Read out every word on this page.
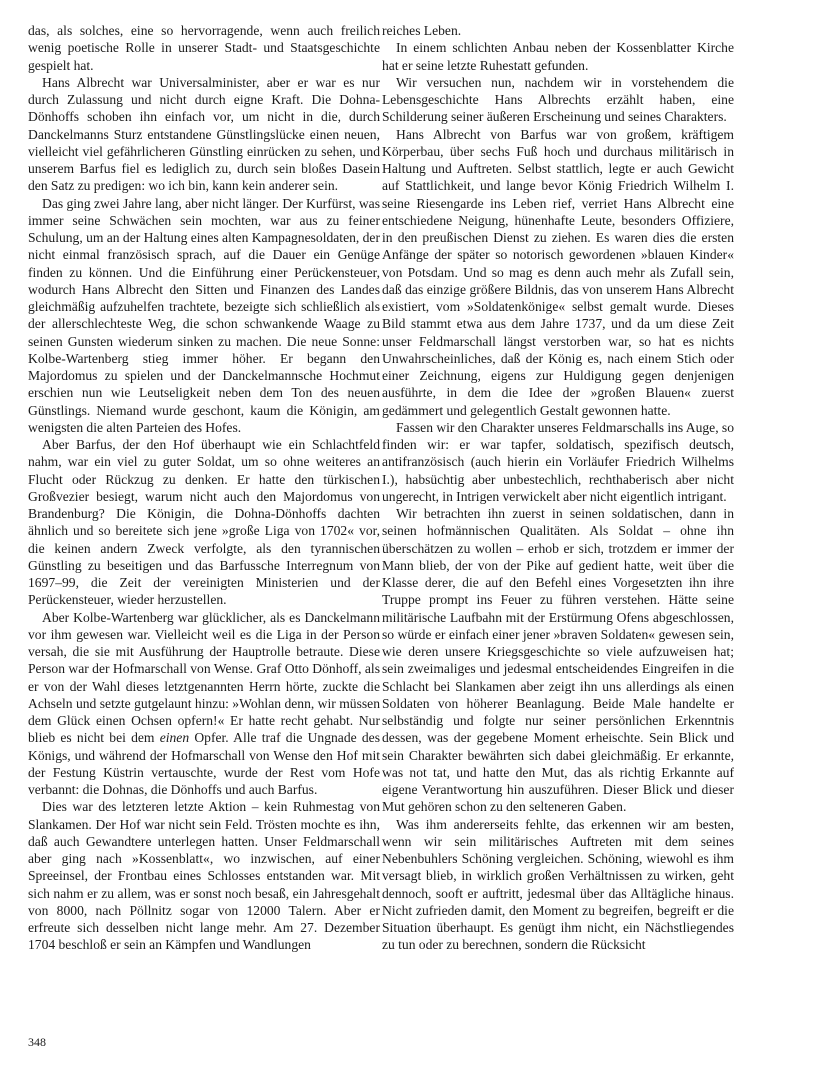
das, als solches, eine so hervorragende, wenn auch freilich wenig poetische Rolle in unserer Stadt- und Staatsgeschichte gespielt hat.

Hans Albrecht war Universalminister, aber er war es nur durch Zulassung und nicht durch eigne Kraft. Die Dohna-Dönhoffs schoben ihn einfach vor, um nicht in die, durch Danckelmanns Sturz entstandene Günstlingslücke einen neuen, vielleicht viel gefährlicheren Günstling einrücken zu sehen, und unserem Barfus fiel es lediglich zu, durch sein bloßes Dasein den Satz zu predigen: wo ich bin, kann kein anderer sein.

Das ging zwei Jahre lang, aber nicht länger. Der Kurfürst, was immer seine Schwächen sein mochten, war aus zu feiner Schulung, um an der Haltung eines alten Kampagnesoldaten, der nicht einmal französisch sprach, auf die Dauer ein Genüge finden zu können. Und die Einführung einer Perückensteuer, wodurch Hans Albrecht den Sitten und Finanzen des Landes gleichmäßig aufzuhelfen trachtete, bezeigte sich schließlich als der allerschlechteste Weg, die schon schwankende Waage zu seinen Gunsten wiederum sinken zu machen. Die neue Sonne: Kolbe-Wartenberg stieg immer höher. Er begann den Majordomus zu spielen und der Danckelmannsche Hochmut erschien nun wie Leutseligkeit neben dem Ton des neuen Günstlings. Niemand wurde geschont, kaum die Königin, am wenigsten die alten Parteien des Hofes.

Aber Barfus, der den Hof überhaupt wie ein Schlachtfeld nahm, war ein viel zu guter Soldat, um so ohne weiteres an Flucht oder Rückzug zu denken. Er hatte den türkischen Großvezier besiegt, warum nicht auch den Majordomus von Brandenburg? Die Königin, die Dohna-Dönhoffs dachten ähnlich und so bereitete sich jene »große Liga von 1702« vor, die keinen andern Zweck verfolgte, als den tyrannischen Günstling zu beseitigen und das Barfussche Interregnum von 1697–99, die Zeit der vereinigten Ministerien und der Perückensteuer, wieder herzustellen.

Aber Kolbe-Wartenberg war glücklicher, als es Danckelmann vor ihm gewesen war. Vielleicht weil es die Liga in der Person versah, die sie mit Ausführung der Hauptrolle betraute. Diese Person war der Hofmarschall von Wense. Graf Otto Dönhoff, als er von der Wahl dieses letztgenannten Herrn hörte, zuckte die Achseln und setzte gutgelaunt hinzu: »Wohlan denn, wir müssen dem Glück einen Ochsen opfern!« Er hatte recht gehabt. Nur blieb es nicht bei dem einen Opfer. Alle traf die Ungnade des Königs, und während der Hofmarschall von Wense den Hof mit der Festung Küstrin vertauschte, wurde der Rest vom Hofe verbannt: die Dohnas, die Dönhoffs und auch Barfus.

Dies war des letzteren letzte Aktion – kein Ruhmestag von Slankamen. Der Hof war nicht sein Feld. Trösten mochte es ihn, daß auch Gewandtere unterlegen hatten. Unser Feldmarschall aber ging nach »Kossenblatt«, wo inzwischen, auf einer Spreeinsel, der Frontbau eines Schlosses entstanden war. Mit sich nahm er zu allem, was er sonst noch besaß, ein Jahresgehalt von 8000, nach Pöllnitz sogar von 12000 Talern. Aber er erfreute sich desselben nicht lange mehr. Am 27. Dezember 1704 beschloß er sein an Kämpfen und Wandlungen

reiches Leben.

In einem schlichten Anbau neben der Kossenblatter Kirche hat er seine letzte Ruhestatt gefunden.

Wir versuchen nun, nachdem wir in vorstehendem die Lebensgeschichte Hans Albrechts erzählt haben, eine Schilderung seiner äußeren Erscheinung und seines Charakters.

Hans Albrecht von Barfus war von großem, kräftigem Körperbau, über sechs Fuß hoch und durchaus militärisch in Haltung und Auftreten. Selbst stattlich, legte er auch Gewicht auf Stattlichkeit, und lange bevor König Friedrich Wilhelm I. seine Riesengarde ins Leben rief, verriet Hans Albrecht eine entschiedene Neigung, hünenhafte Leute, besonders Offiziere, in den preußischen Dienst zu ziehen. Es waren dies die ersten Anfänge der später so notorisch gewordenen »blauen Kinder« von Potsdam. Und so mag es denn auch mehr als Zufall sein, daß das einzige größere Bildnis, das von unserem Hans Albrecht existiert, vom »Soldatenkönige« selbst gemalt wurde. Dieses Bild stammt etwa aus dem Jahre 1737, und da um diese Zeit unser Feldmarschall längst verstorben war, so hat es nichts Unwahrscheinliches, daß der König es, nach einem Stich oder einer Zeichnung, eigens zur Huldigung gegen denjenigen ausführte, in dem die Idee der »großen Blauen« zuerst gedämmert und gelegentlich Gestalt gewonnen hatte.

Fassen wir den Charakter unseres Feldmarschalls ins Auge, so finden wir: er war tapfer, soldatisch, spezifisch deutsch, antifranzösisch (auch hierin ein Vorläufer Friedrich Wilhelms I.), habsüchtig aber unbestechlich, rechthaberisch aber nicht ungerecht, in Intrigen verwickelt aber nicht eigentlich intrigant.

Wir betrachten ihn zuerst in seinen soldatischen, dann in seinen hofmännischen Qualitäten. Als Soldat – ohne ihn überschätzen zu wollen – erhob er sich, trotzdem er immer der Mann blieb, der von der Pike auf gedient hatte, weit über die Klasse derer, die auf den Befehl eines Vorgesetzten ihn ihre Truppe prompt ins Feuer zu führen verstehen. Hätte seine militärische Laufbahn mit der Erstürmung Ofens abgeschlossen, so würde er einfach einer jener »braven Soldaten« gewesen sein, wie deren unsere Kriegsgeschichte so viele aufzuweisen hat; sein zweimaliges und jedesmal entscheidendes Eingreifen in die Schlacht bei Slankamen aber zeigt ihn uns allerdings als einen Soldaten von höherer Beanlagung. Beide Male handelte er selbständig und folgte nur seiner persönlichen Erkenntnis dessen, was der gegebene Moment erheischte. Sein Blick und sein Charakter bewährten sich dabei gleichmäßig. Er erkannte, was not tat, und hatte den Mut, das als richtig Erkannte auf eigene Verantwortung hin auszuführen. Dieser Blick und dieser Mut gehören schon zu den selteneren Gaben.

Was ihm andererseits fehlte, das erkennen wir am besten, wenn wir sein militärisches Auftreten mit dem seines Nebenbuhlers Schöning vergleichen. Schöning, wiewohl es ihm versagt blieb, in wirklich großen Verhältnissen zu wirken, geht dennoch, sooft er auftritt, jedesmal über das Alltägliche hinaus. Nicht zufrieden damit, den Moment zu begreifen, begreift er die Situation überhaupt. Es genügt ihm nicht, ein Nächstliegendes zu tun oder zu berechnen, sondern die Rücksicht

348
